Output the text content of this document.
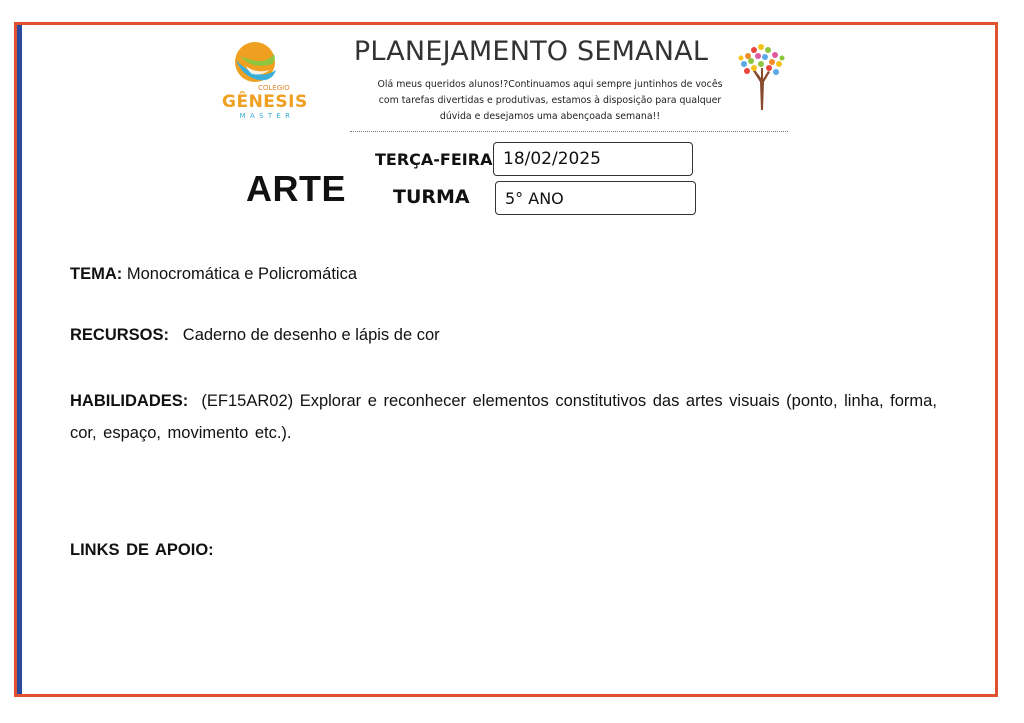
COLÉGIO
GÊNESIS
MASTER
PLANEJAMENTO SEMANAL
Olá meus queridos alunos!?Continuamos aqui sempre juntinhos de vocês
com tarefas divertidas e produtivas, estamos à disposição para qualquer
dúvida e desejamos uma abençoada semana!!
ARTE
TERÇA-FEIRA 18/02/2025
TURMA	5° ANO
TEMA: Monocromática e Policromática
RECURSOS: Caderno de desenho e lápis de cor
HABILIDADES: (EF15AR02) Explorar e reconhecer elementos constitutivos das artes visuais (ponto, linha, forma, cor, espaço, movimento etc.).
LINKS DE APOIO:
